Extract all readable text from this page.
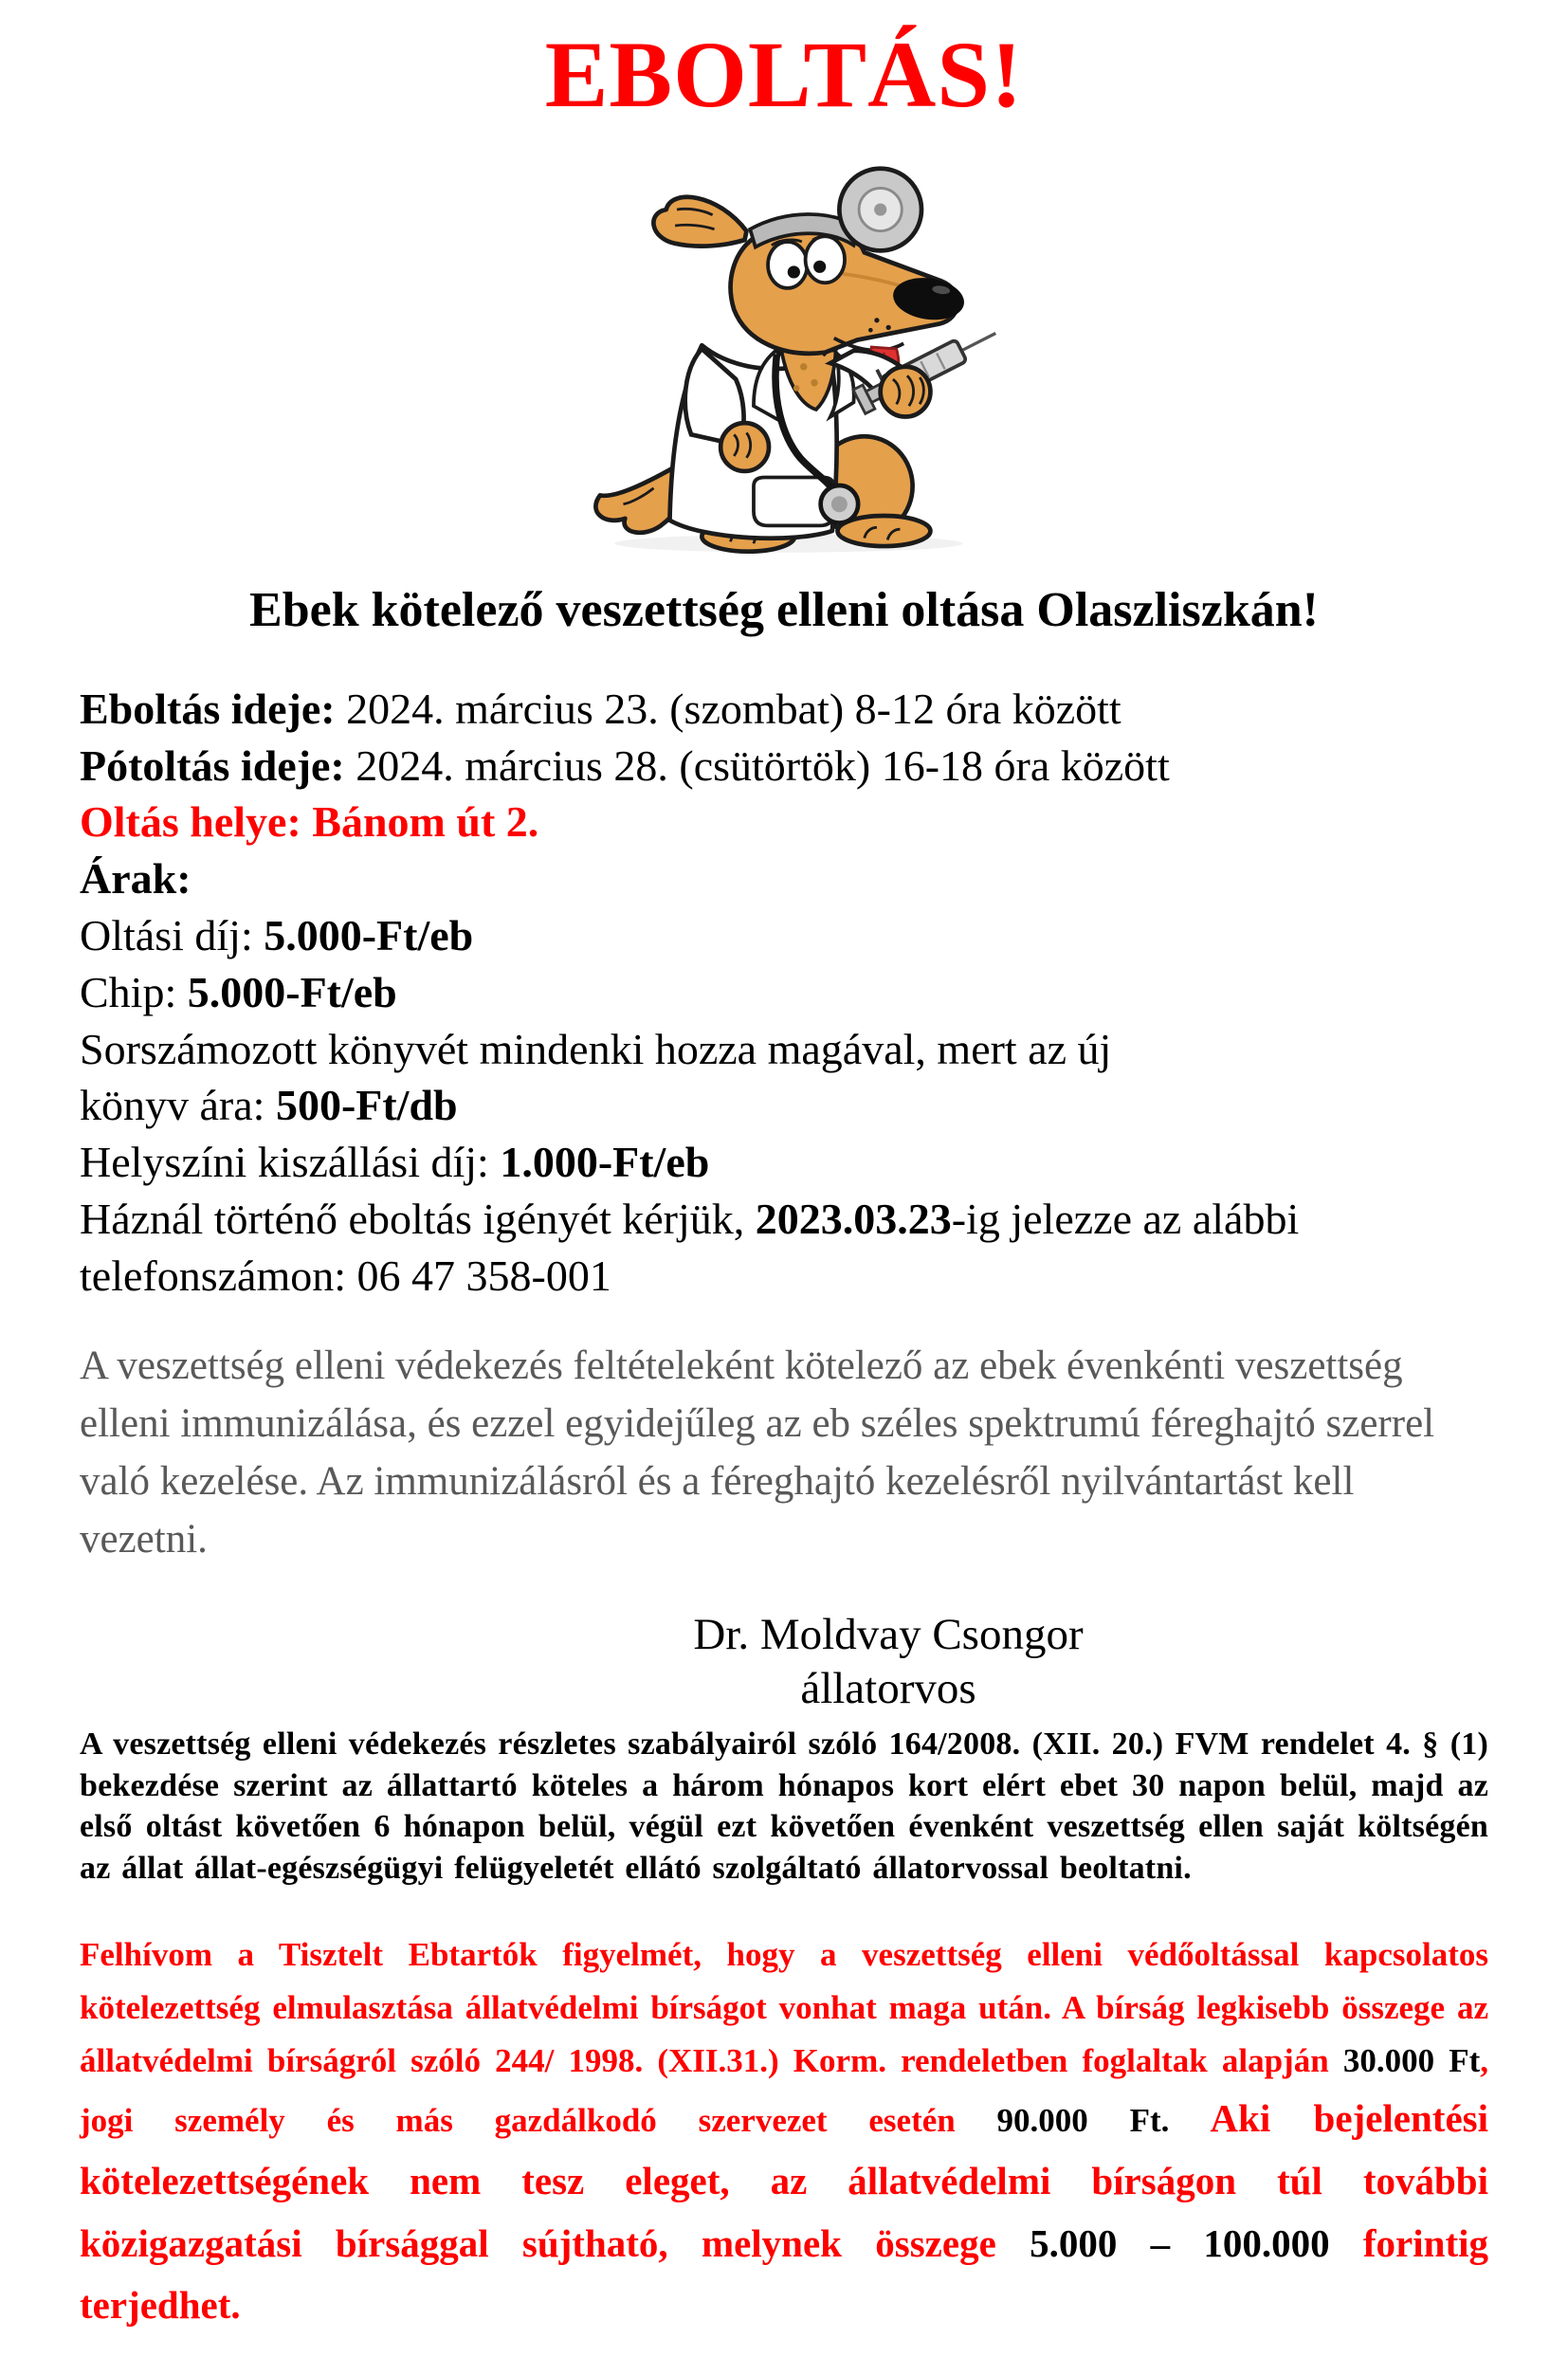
EBOLTÁS!
Ebek kötelező veszettség elleni oltása Olaszliszkán!

Eboltás ideje: 2024. március 23. (szombat) 8-12 óra között

Pótoltás ideje: 2024. március 28. (csütörtök) 16-18 óra között

Oltás helye: Bánom út 2.

Árak:

Oltási díj: 5.000-Ft/eb

Chip: 5.000-Ft/eb

Sorszámozott könyvét mindenki hozza magával, mert az új
könyv ára: 500-Ft/db

Helyszíni kiszállási díj: 1.000-Ft/eb

Háznál történő eboltás igényét kérjük, 2023.03.23-ig jelezze az alábbi
telefonszámon: 06 47 358-001

A veszettség elleni védekezés feltételeként kötelező az ebek évenkénti veszettség elleni immunizálása, és ezzel egyidejűleg az eb széles spektrumú féreghajtó szerrel való kezelése. Az immunizálásról és a féreghajtó kezelésről nyilvántartást kell vezetni.

Dr. Moldvay Csongor
állatorvos

A veszettség elleni védekezés részletes szabályairól szóló 164/2008. (XII. 20.) FVM rendelet 4. § (1) bekezdése szerint az állattartó köteles a három hónapos kort elért ebet 30 napon belül, majd az első oltást követően 6 hónapon belül, végül ezt követően évenként veszettség ellen saját költségén az állat állat-egészségügyi felügyeletét ellátó szolgáltató állatorvossal beoltatni.

Felhívom a Tisztelt Ebtartók figyelmét, hogy a veszettség elleni védőoltással kapcsolatos kötelezettség elmulasztása állatvédelmi bírságot vonhat maga után. A bírság legkisebb összege az állatvédelmi bírságról szóló 244/ 1998. (XII.31.) Korm. rendeletben foglaltak alapján 30.000 Ft, jogi személy és más gazdálkodó szervezet esetén 90.000 Ft. Aki bejelentési kötelezettségének nem tesz eleget, az állatvédelmi bírságon túl további közigazgatási bírsággal sújtható, melynek összege 5.000 – 100.000 forintig terjedhet.
